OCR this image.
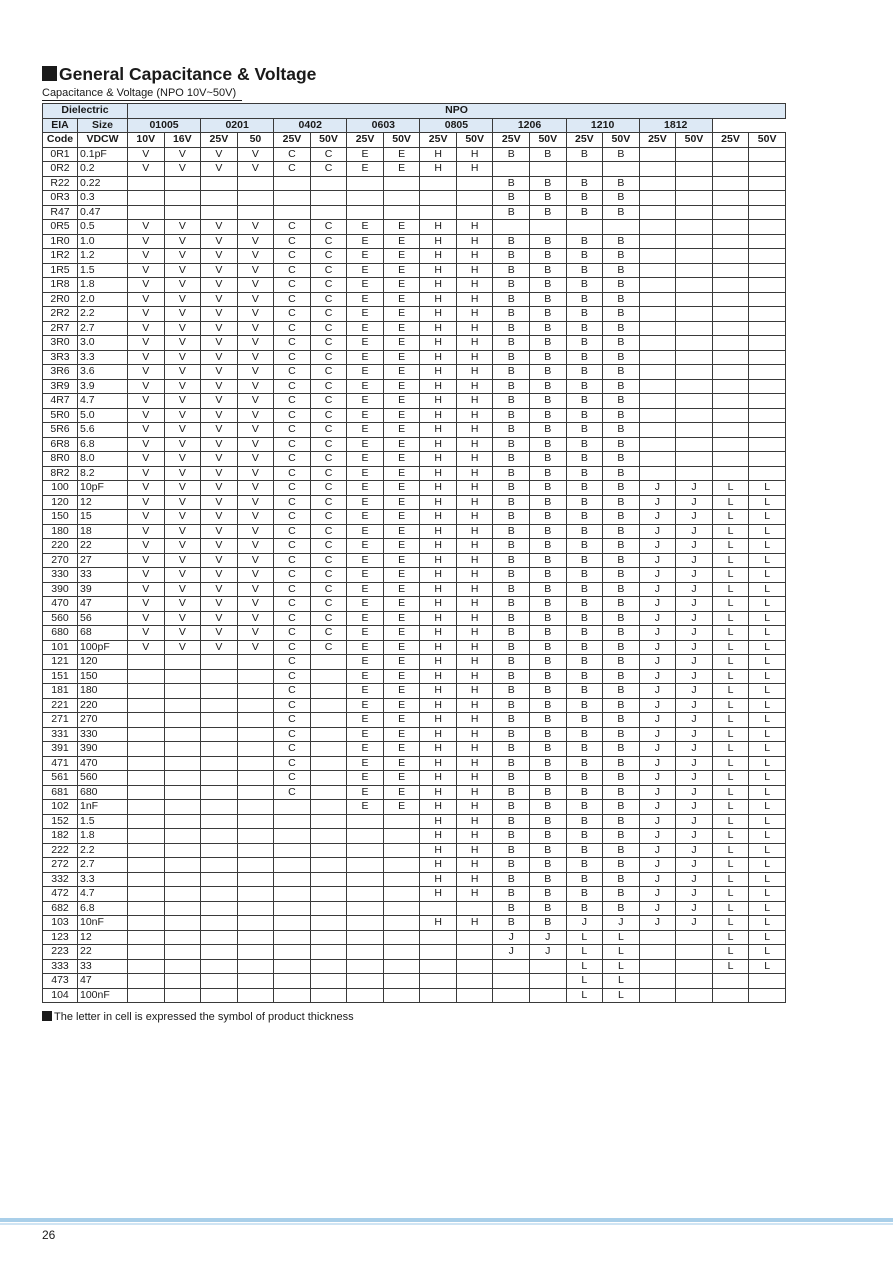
General Capacitance & Voltage
Capacitance & Voltage (NPO 10V~50V)
Dielectric		NPO																	
EIA	Size	01005		0201		0402		0603		0805		1206		1210		1812			
Code	VDCW	10V	16V	25V	50	25V	50V	25V	50V	25V	50V	25V	50V	25V	50V	25V	50V	25V	50V
0R1	0.1pF	V	V	V	V	C	C	E	E	H	H	B	B	B	B				
0R2	0.2	V	V	V	V	C	C	E	E	H	H								
R22	0.22											B	B	B	B				
0R3	0.3											B	B	B	B				
R47	0.47											B	B	B	B				
0R5	0.5	V	V	V	V	C	C	E	E	H	H								
1R0	1.0	V	V	V	V	C	C	E	E	H	H	B	B	B	B				
1R2	1.2	V	V	V	V	C	C	E	E	H	H	B	B	B	B				
1R5	1.5	V	V	V	V	C	C	E	E	H	H	B	B	B	B				
1R8	1.8	V	V	V	V	C	C	E	E	H	H	B	B	B	B				
2R0	2.0	V	V	V	V	C	C	E	E	H	H	B	B	B	B				
2R2	2.2	V	V	V	V	C	C	E	E	H	H	B	B	B	B				
2R7	2.7	V	V	V	V	C	C	E	E	H	H	B	B	B	B				
3R0	3.0	V	V	V	V	C	C	E	E	H	H	B	B	B	B				
3R3	3.3	V	V	V	V	C	C	E	E	H	H	B	B	B	B				
3R6	3.6	V	V	V	V	C	C	E	E	H	H	B	B	B	B				
3R9	3.9	V	V	V	V	C	C	E	E	H	H	B	B	B	B				
4R7	4.7	V	V	V	V	C	C	E	E	H	H	B	B	B	B				
5R0	5.0	V	V	V	V	C	C	E	E	H	H	B	B	B	B				
5R6	5.6	V	V	V	V	C	C	E	E	H	H	B	B	B	B				
6R8	6.8	V	V	V	V	C	C	E	E	H	H	B	B	B	B				
8R0	8.0	V	V	V	V	C	C	E	E	H	H	B	B	B	B				
8R2	8.2	V	V	V	V	C	C	E	E	H	H	B	B	B	B				
100	10pF	V	V	V	V	C	C	E	E	H	H	B	B	B	B	J	J	L	L
120	12	V	V	V	V	C	C	E	E	H	H	B	B	B	B	J	J	L	L
150	15	V	V	V	V	C	C	E	E	H	H	B	B	B	B	J	J	L	L
180	18	V	V	V	V	C	C	E	E	H	H	B	B	B	B	J	J	L	L
220	22	V	V	V	V	C	C	E	E	H	H	B	B	B	B	J	J	L	L
270	27	V	V	V	V	C	C	E	E	H	H	B	B	B	B	J	J	L	L
330	33	V	V	V	V	C	C	E	E	H	H	B	B	B	B	J	J	L	L
390	39	V	V	V	V	C	C	E	E	H	H	B	B	B	B	J	J	L	L
470	47	V	V	V	V	C	C	E	E	H	H	B	B	B	B	J	J	L	L
560	56	V	V	V	V	C	C	E	E	H	H	B	B	B	B	J	J	L	L
680	68	V	V	V	V	C	C	E	E	H	H	B	B	B	B	J	J	L	L
101	100pF	V	V	V	V	C	C	E	E	H	H	B	B	B	B	J	J	L	L
121	120					C		E	E	H	H	B	B	B	B	J	J	L	L
151	150					C		E	E	H	H	B	B	B	B	J	J	L	L
181	180					C		E	E	H	H	B	B	B	B	J	J	L	L
221	220					C		E	E	H	H	B	B	B	B	J	J	L	L
271	270					C		E	E	H	H	B	B	B	B	J	J	L	L
331	330					C		E	E	H	H	B	B	B	B	J	J	L	L
391	390					C		E	E	H	H	B	B	B	B	J	J	L	L
471	470					C		E	E	H	H	B	B	B	B	J	J	L	L
561	560					C		E	E	H	H	B	B	B	B	J	J	L	L
681	680					C		E	E	H	H	B	B	B	B	J	J	L	L
102	1nF							E	E	H	H	B	B	B	B	J	J	L	L
152	1.5									H	H	B	B	B	B	J	J	L	L
182	1.8									H	H	B	B	B	B	J	J	L	L
222	2.2									H	H	B	B	B	B	J	J	L	L
272	2.7									H	H	B	B	B	B	J	J	L	L
332	3.3									H	H	B	B	B	B	J	J	L	L
472	4.7									H	H	B	B	B	B	J	J	L	L
682	6.8											B	B	B	B	J	J	L	L
103	10nF									H	H	B	B	J	J	J	J	L	L
123	12											J	J	L	L			L	L
223	22											J	J	L	L			L	L
333	33													L	L			L	L
473	47													L	L				
104	100nF													L	L				
The letter in cell is expressed the symbol of product thickness
26
